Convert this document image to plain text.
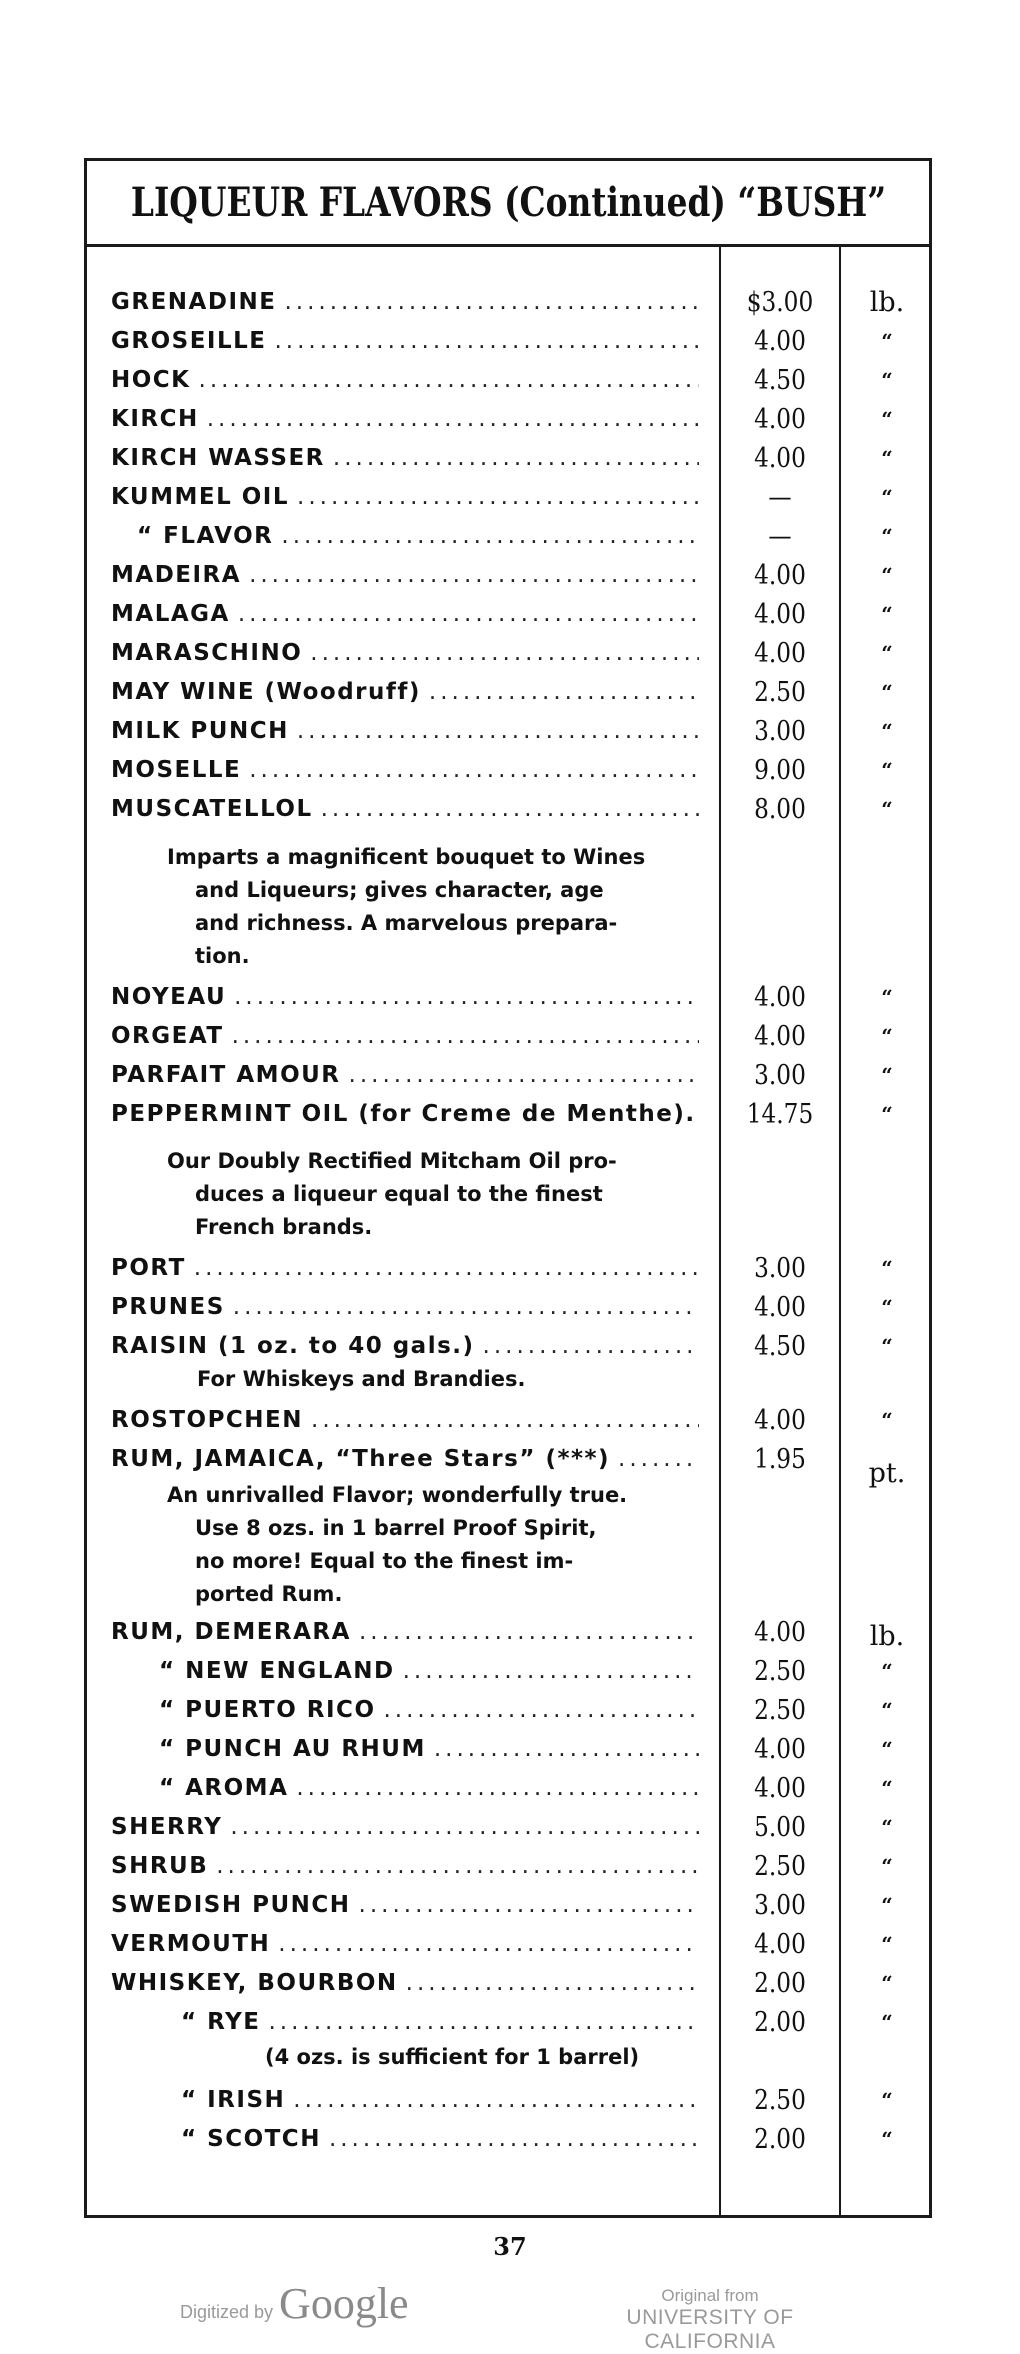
LIQUEUR FLAVORS (Continued) “BUSH”
GRENADINE .....	$3.00	lb.
GROSEILLE .....	4.00	“
HOCK .....	4.50	“
KIRCH .....	4.00	“
KIRCH WASSER .....	4.00	“
KUMMEL OIL .....	—	“
“ FLAVOR .....	—	“
MADEIRA .....	4.00	“
MALAGA .....	4.00	“
MARASCHINO .....	4.00	“
MAY WINE (Woodruff) .....	2.50	“
MILK PUNCH .....	3.00	“
MOSELLE .....	9.00	“
MUSCATELLOL .....	8.00	“
Imparts a magnificent bouquet to Wines
and Liqueurs; gives character, age
and richness. A marvelous prepara-
tion.
NOYEAU .....	4.00	“
ORGEAT .....	4.00	“
PARFAIT AMOUR .....	3.00	“
PEPPERMINT OIL (for Creme de Menthe).	14.75	“
Our Doubly Rectified Mitcham Oil pro-
duces a liqueur equal to the finest
French brands.
PORT .....	3.00	“
PRUNES .....	4.00	“
RAISIN (1 oz. to 40 gals.) .....	4.50	“
For Whiskeys and Brandies.
ROSTOPCHEN .....	4.00	“
RUM, JAMAICA, “Three Stars” (***) .....	1.95	pt.
An unrivalled Flavor; wonderfully true.
Use 8 ozs. in 1 barrel Proof Spirit,
no more! Equal to the finest im-
ported Rum.
RUM, DEMERARA .....	4.00	lb.
“ NEW ENGLAND .....	2.50	“
“ PUERTO RICO .....	2.50	“
“ PUNCH AU RHUM .....	4.00	“
“ AROMA .....	4.00	“
SHERRY .....	5.00	“
SHRUB .....	2.50	“
SWEDISH PUNCH .....	3.00	“
VERMOUTH .....	4.00	“
WHISKEY, BOURBON .....	2.00	“
“ RYE .....	2.00	“
(4 ozs. is sufficient for 1 barrel)
“ IRISH .....	2.50	“
“ SCOTCH .....	2.00	“
37
Digitized by Google	Original from
UNIVERSITY OF CALIFORNIA
